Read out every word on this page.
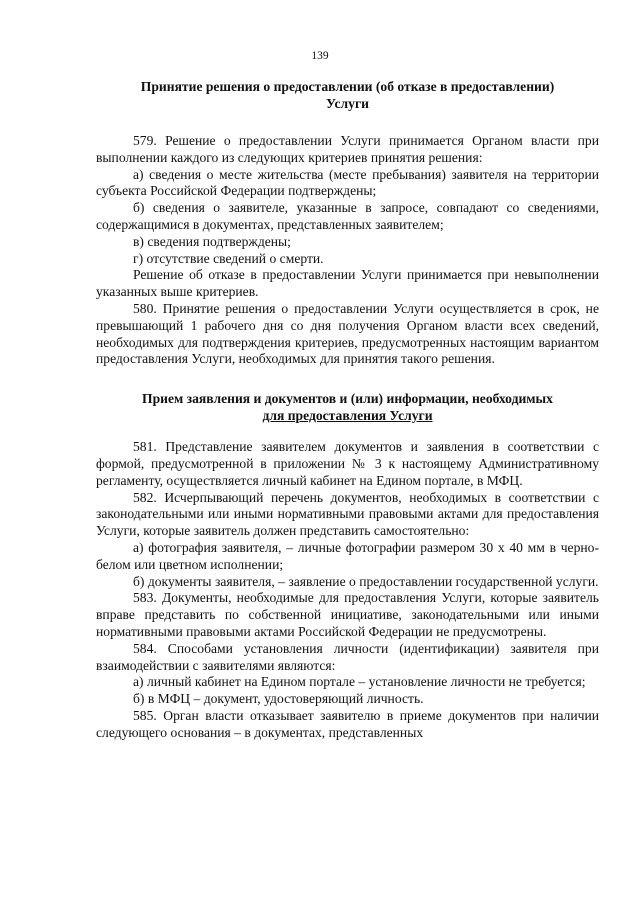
139
Принятие решения о предоставлении (об отказе в предоставлении)
Услуги

579. Решение о предоставлении Услуги принимается Органом власти при выполнении каждого из следующих критериев принятия решения:

а) сведения о месте жительства (месте пребывания) заявителя на территории субъекта Российской Федерации подтверждены;

б) сведения о заявителе, указанные в запросе, совпадают со сведениями, содержащимися в документах, представленных заявителем;

в) сведения подтверждены;

г) отсутствие сведений о смерти.

Решение об отказе в предоставлении Услуги принимается при невыполнении указанных выше критериев.

580. Принятие решения о предоставлении Услуги осуществляется в срок, не превышающий 1 рабочего дня со дня получения Органом власти всех сведений, необходимых для подтверждения критериев, предусмотренных настоящим вариантом предоставления Услуги, необходимых для принятия такого решения.

Прием заявления и документов и (или) информации, необходимых
для предоставления Услуги

581. Представление заявителем документов и заявления в соответствии с формой, предусмотренной в приложении № 3 к настоящему Административному регламенту, осуществляется личный кабинет на Едином портале, в МФЦ.

582. Исчерпывающий перечень документов, необходимых в соответствии с законодательными или иными нормативными правовыми актами для предоставления Услуги, которые заявитель должен представить самостоятельно:

а) фотография заявителя, – личные фотографии размером 30 x 40 мм в черно-белом или цветном исполнении;

б) документы заявителя, – заявление о предоставлении государственной услуги.

583. Документы, необходимые для предоставления Услуги, которые заявитель вправе представить по собственной инициативе, законодательными или иными нормативными правовыми актами Российской Федерации не предусмотрены.

584. Способами установления личности (идентификации) заявителя при взаимодействии с заявителями являются:

а) личный кабинет на Едином портале – установление личности не требуется;

б) в МФЦ – документ, удостоверяющий личность.

585. Орган власти отказывает заявителю в приеме документов при наличии следующего основания – в документах, представленных
